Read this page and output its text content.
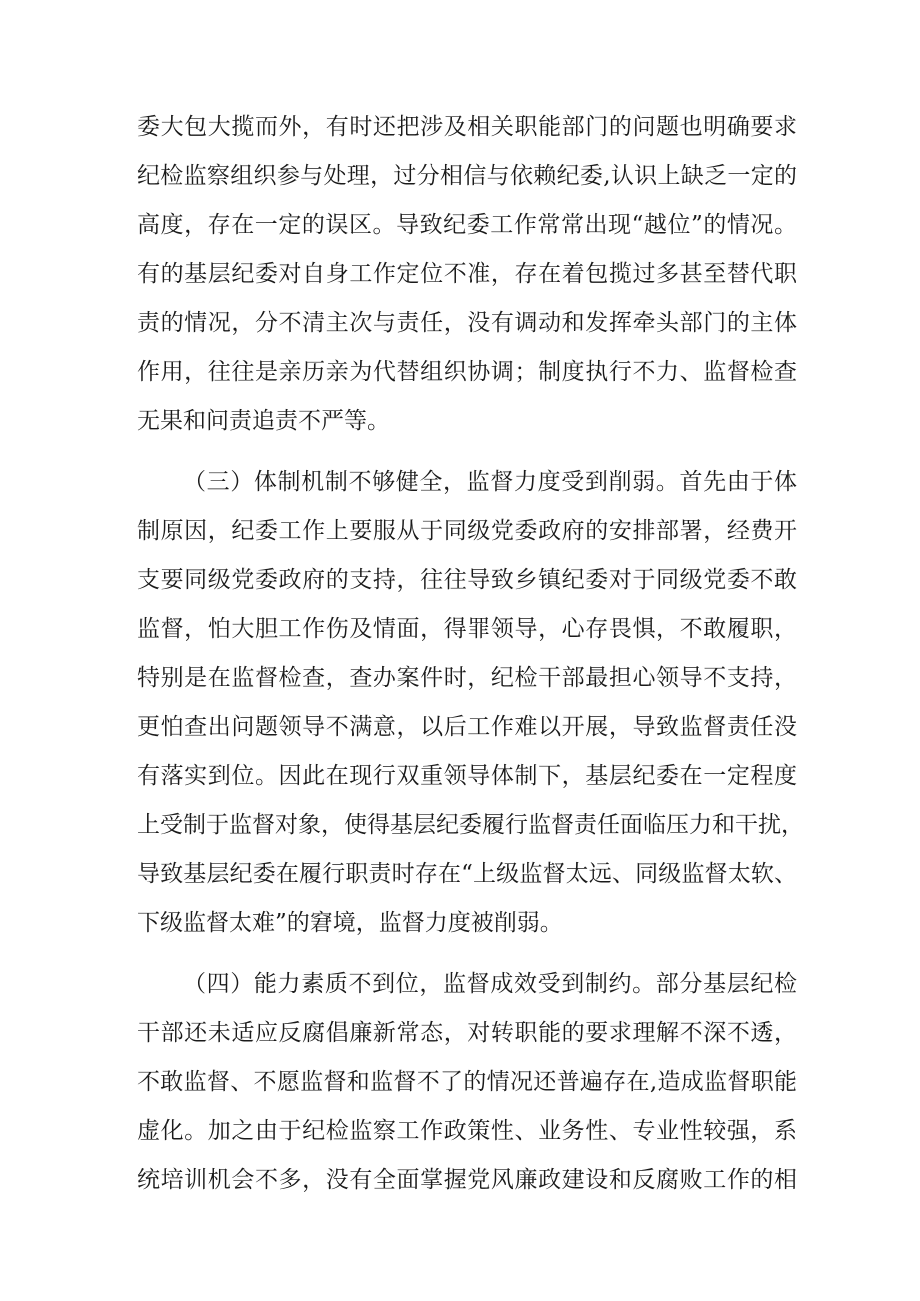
委大包大揽而外，有时还把涉及相关职能部门的问题也明确要求

纪检监察组织参与处理，过分相信与依赖纪委,认识上缺乏一定的

高度，存在一定的误区。导致纪委工作常常出现“越位”的情况。

有的基层纪委对自身工作定位不准，存在着包揽过多甚至替代职

责的情况，分不清主次与责任，没有调动和发挥牵头部门的主体

作用，往往是亲历亲为代替组织协调；制度执行不力、监督检查

无果和问责追责不严等。

（三）体制机制不够健全，监督力度受到削弱。首先由于体

制原因，纪委工作上要服从于同级党委政府的安排部署，经费开

支要同级党委政府的支持，往往导致乡镇纪委对于同级党委不敢

监督，怕大胆工作伤及情面，得罪领导，心存畏惧，不敢履职，

特别是在监督检查，查办案件时，纪检干部最担心领导不支持，

更怕查出问题领导不满意，以后工作难以开展，导致监督责任没

有落实到位。因此在现行双重领导体制下，基层纪委在一定程度

上受制于监督对象，使得基层纪委履行监督责任面临压力和干扰，

导致基层纪委在履行职责时存在“上级监督太远、同级监督太软、

下级监督太难”的窘境，监督力度被削弱。

（四）能力素质不到位，监督成效受到制约。部分基层纪检

干部还未适应反腐倡廉新常态，对转职能的要求理解不深不透，

不敢监督、不愿监督和监督不了的情况还普遍存在,造成监督职能

虚化。加之由于纪检监察工作政策性、业务性、专业性较强，系

统培训机会不多，没有全面掌握党风廉政建设和反腐败工作的相
